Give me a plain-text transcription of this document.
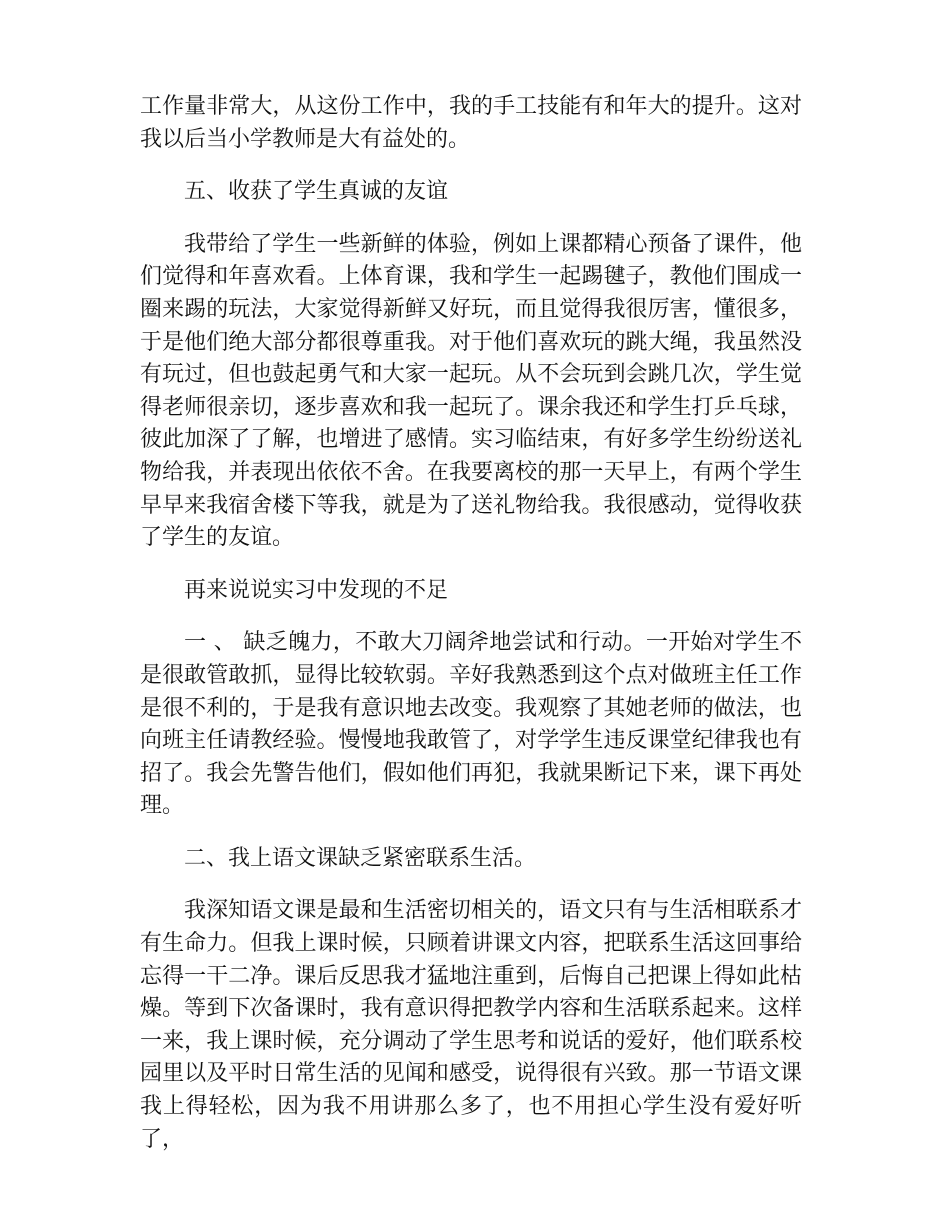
工作量非常大，从这份工作中，我的手工技能有和年大的提升。这对我以后当小学教师是大有益处的。

五、收获了学生真诚的友谊

我带给了学生一些新鲜的体验，例如上课都精心预备了课件，他们觉得和年喜欢看。上体育课，我和学生一起踢毽子，教他们围成一圈来踢的玩法，大家觉得新鲜又好玩，而且觉得我很厉害，懂很多，于是他们绝大部分都很尊重我。对于他们喜欢玩的跳大绳，我虽然没有玩过，但也鼓起勇气和大家一起玩。从不会玩到会跳几次，学生觉得老师很亲切，逐步喜欢和我一起玩了。课余我还和学生打乒乓球，彼此加深了了解，也增进了感情。实习临结束，有好多学生纷纷送礼物给我，并表现出依依不舍。在我要离校的那一天早上，有两个学生早早来我宿舍楼下等我，就是为了送礼物给我。我很感动，觉得收获了学生的友谊。

再来说说实习中发现的不足

一 、 缺乏魄力，不敢大刀阔斧地尝试和行动。一开始对学生不是很敢管敢抓，显得比较软弱。辛好我熟悉到这个点对做班主任工作是很不利的，于是我有意识地去改变。我观察了其她老师的做法，也向班主任请教经验。慢慢地我敢管了，对学学生违反课堂纪律我也有招了。我会先警告他们，假如他们再犯，我就果断记下来，课下再处理。

二、我上语文课缺乏紧密联系生活。

我深知语文课是最和生活密切相关的，语文只有与生活相联系才有生命力。但我上课时候，只顾着讲课文内容，把联系生活这回事给忘得一干二净。课后反思我才猛地注重到，后悔自己把课上得如此枯燥。等到下次备课时，我有意识得把教学内容和生活联系起来。这样一来，我上课时候，充分调动了学生思考和说话的爱好，他们联系校园里以及平时日常生活的见闻和感受，说得很有兴致。那一节语文课我上得轻松，因为我不用讲那么多了，也不用担心学生没有爱好听了，
